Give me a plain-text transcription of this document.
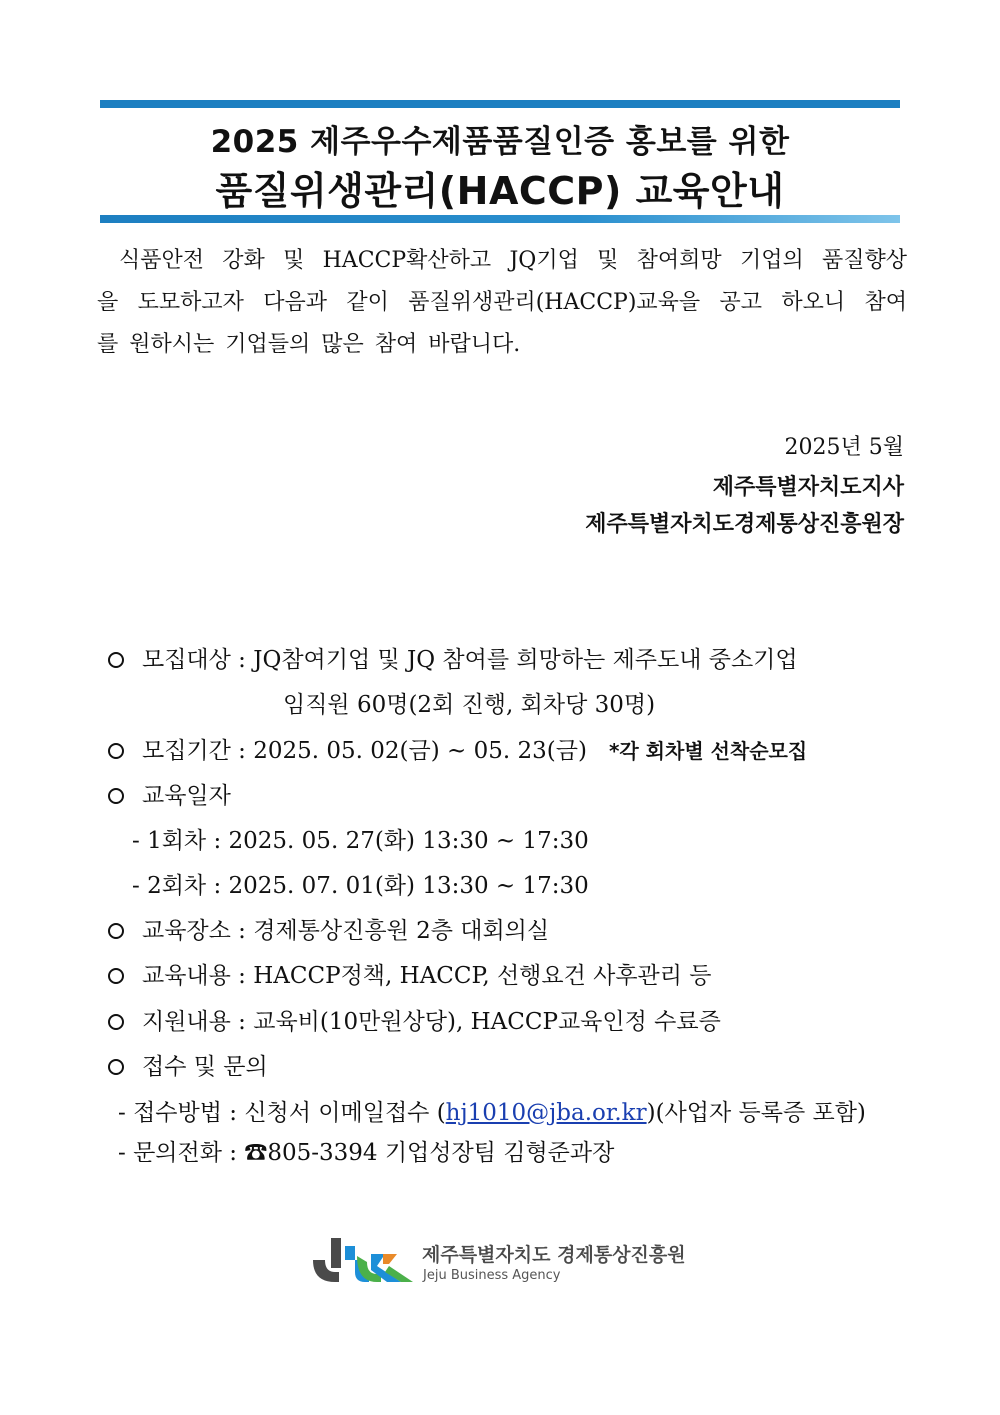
2025 제주우수제품품질인증 홍보를 위한
품질위생관리(HACCP) 교육안내
식품안전 강화 및 HACCP확산하고 JQ기업 및 참여희망 기업의 품질향상
을 도모하고자 다음과 같이 품질위생관리(HACCP)교육을 공고 하오니 참여
를 원하시는 기업들의 많은 참여 바랍니다.
2025년 5월
제주특별자치도지사
제주특별자치도경제통상진흥원장
모집대상 : JQ참여기업 및 JQ 참여를 희망하는 제주도내 중소기업
임직원 60명(2회 진행, 회차당 30명)
모집기간 : 2025. 05. 02(금) ~ 05. 23(금) *각 회차별 선착순모집
교육일자
- 1회차 : 2025. 05. 27(화) 13:30 ~ 17:30
- 2회차 : 2025. 07. 01(화) 13:30 ~ 17:30
교육장소 : 경제통상진흥원 2층 대회의실
교육내용 : HACCP정책, HACCP, 선행요건 사후관리 등
지원내용 : 교육비(10만원상당), HACCP교육인정 수료증
접수 및 문의
- 접수방법 : 신청서 이메일접수 (hj1010@jba.or.kr)(사업자 등록증 포함)
- 문의전화 : ☎805-3394 기업성장팀 김형준과장
제주특별자치도 경제통상진흥원
Jeju Business Agency
